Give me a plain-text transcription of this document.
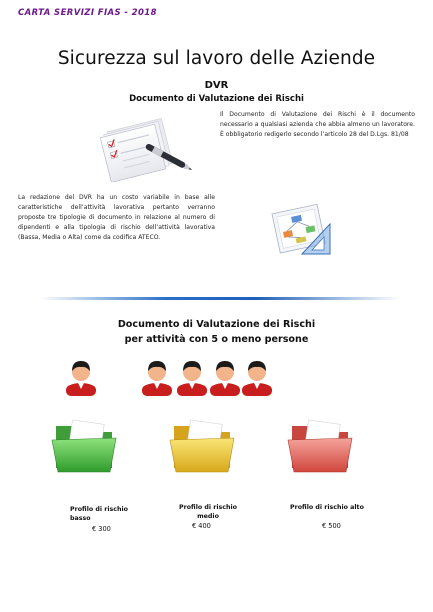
CARTA SERVIZI FIAS - 2018
Sicurezza sul lavoro delle Aziende
DVR
Documento di Valutazione dei Rischi
Il Documento di Valutazione dei Rischi è il documento necessario a qualsiasi azienda che abbia almeno un lavoratore. È obbligatorio redigerlo secondo l’articolo 28 del D.Lgs. 81/08
La redazione del DVR ha un costo variabile in base alle caratteristiche dell’attività lavorativa pertanto verranno proposte tre tipologie di documento in relazione al numero di dipendenti e alla tipologia di rischio dell’attività lavorativa (Bassa, Media o Alta) come da codifica ATECO.
Documento di Valutazione dei Rischi
per attività con 5 o meno persone
Profilo di rischio
basso
€ 300
Profilo di rischio
medio
€ 400
Profilo di rischio alto
€ 500
